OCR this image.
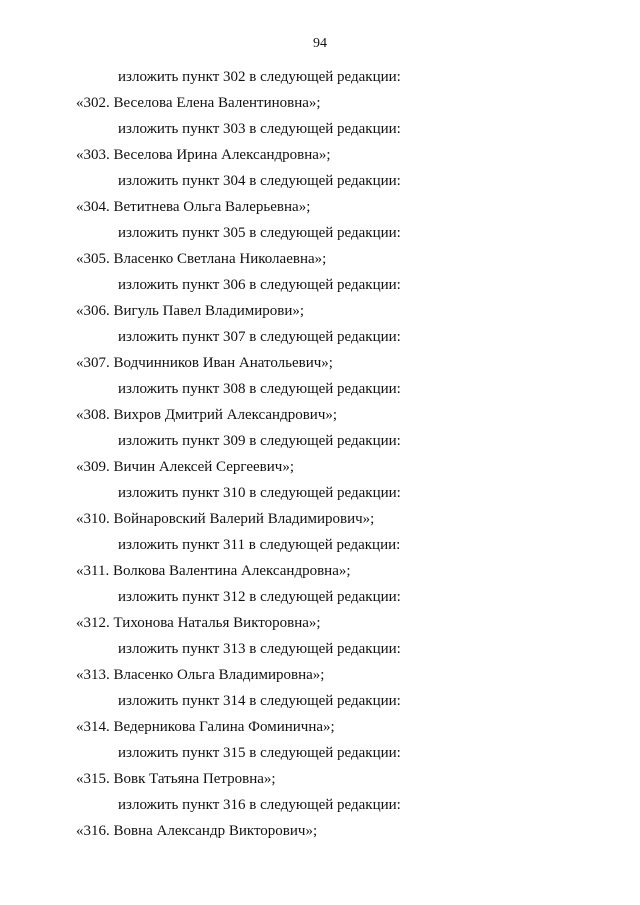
94
изложить пункт 302 в следующей редакции:
«302. Веселова Елена Валентиновна»;
изложить пункт 303 в следующей редакции:
«303. Веселова Ирина Александровна»;
изложить пункт 304 в следующей редакции:
«304. Ветитнева Ольга Валерьевна»;
изложить пункт 305 в следующей редакции:
«305. Власенко Светлана Николаевна»;
изложить пункт 306 в следующей редакции:
«306. Вигуль Павел Владимирови»;
изложить пункт 307 в следующей редакции:
«307. Водчинников Иван Анатольевич»;
изложить пункт 308 в следующей редакции:
«308. Вихров Дмитрий Александрович»;
изложить пункт 309 в следующей редакции:
«309. Вичин Алексей Сергеевич»;
изложить пункт 310 в следующей редакции:
«310. Войнаровский Валерий Владимирович»;
изложить пункт 311 в следующей редакции:
«311. Волкова Валентина Александровна»;
изложить пункт 312 в следующей редакции:
«312. Тихонова Наталья Викторовна»;
изложить пункт 313 в следующей редакции:
«313. Власенко Ольга Владимировна»;
изложить пункт 314 в следующей редакции:
«314. Ведерникова Галина Фоминична»;
изложить пункт 315 в следующей редакции:
«315. Вовк Татьяна Петровна»;
изложить пункт 316 в следующей редакции:
«316. Вовна Александр Викторович»;
